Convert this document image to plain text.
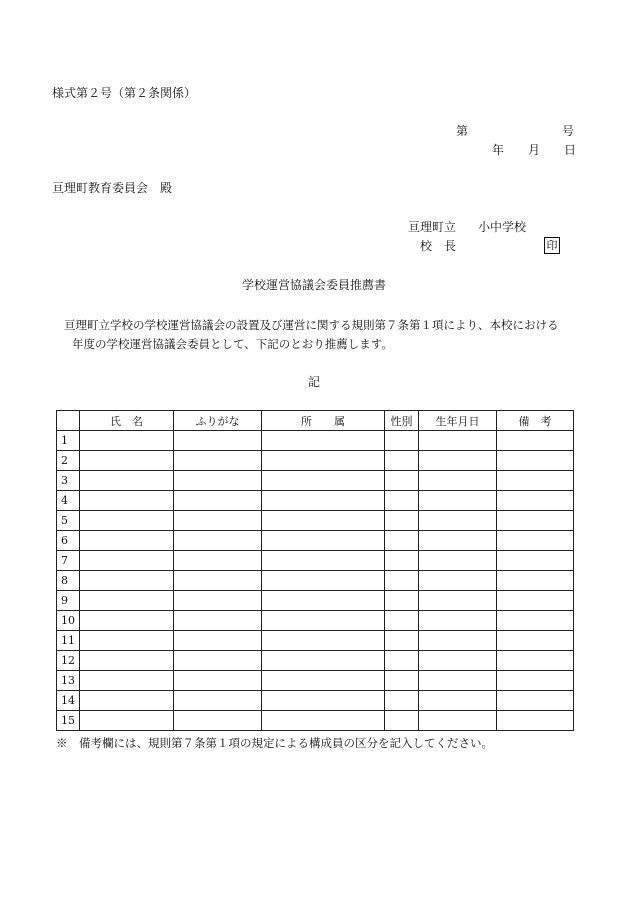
様式第２号（第２条関係）
第	号
年 月 日
亘理町教育委員会　殿
亘理町立 小中学校
校　長	印
学校運営協議会委員推薦書
亘理町立学校の学校運営協議会の設置及び運営に関する規則第７条第１項により、本校における
年度の学校運営協議会委員として、下記のとおり推薦します。
記
	氏　名	ふりがな	所　　属	性別	生年月日	備　考
1						
2						
3						
4						
5						
6						
7						
8						
9						
10						
11						
12						
13						
14						
15						
※　備考欄には、規則第７条第１項の規定による構成員の区分を記入してください。
